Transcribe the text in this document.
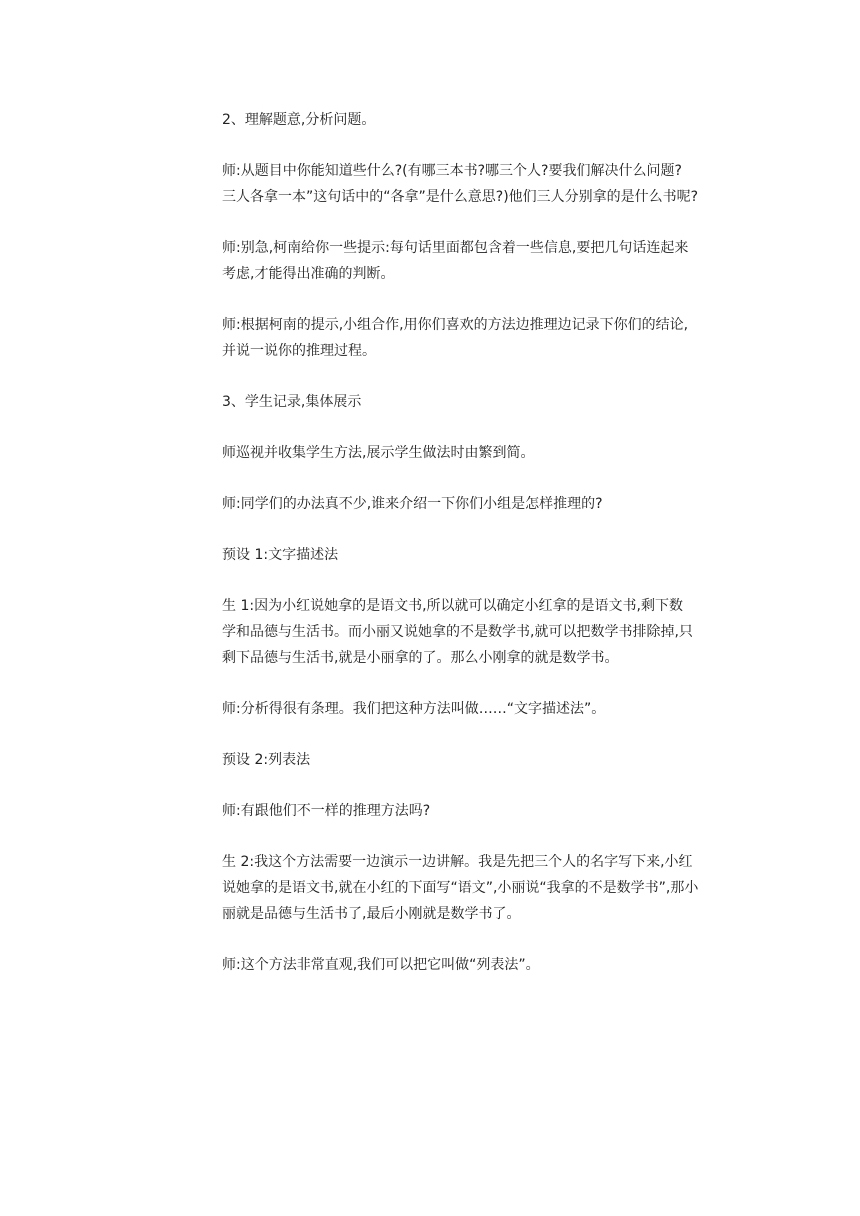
2、理解题意,分析问题。

师:从题目中你能知道些什么?(有哪三本书?哪三个人?要我们解决什么问题?
三人各拿一本”这句话中的“各拿”是什么意思?)他们三人分别拿的是什么书呢?

师:别急,柯南给你一些提示:每句话里面都包含着一些信息,要把几句话连起来
考虑,才能得出准确的判断。

师:根据柯南的提示,小组合作,用你们喜欢的方法边推理边记录下你们的结论,
并说一说你的推理过程。

3、学生记录,集体展示

师巡视并收集学生方法,展示学生做法时由繁到简。

师:同学们的办法真不少,谁来介绍一下你们小组是怎样推理的?

预设 1:文字描述法

生 1:因为小红说她拿的是语文书,所以就可以确定小红拿的是语文书,剩下数
学和品德与生活书。而小丽又说她拿的不是数学书,就可以把数学书排除掉,只
剩下品德与生活书,就是小丽拿的了。那么小刚拿的就是数学书。

师:分析得很有条理。我们把这种方法叫做……“文字描述法”。

预设 2:列表法

师:有跟他们不一样的推理方法吗?

生 2:我这个方法需要一边演示一边讲解。我是先把三个人的名字写下来,小红
说她拿的是语文书,就在小红的下面写“语文”,小丽说“我拿的不是数学书”,那小
丽就是品德与生活书了,最后小刚就是数学书了。

师:这个方法非常直观,我们可以把它叫做“列表法”。
